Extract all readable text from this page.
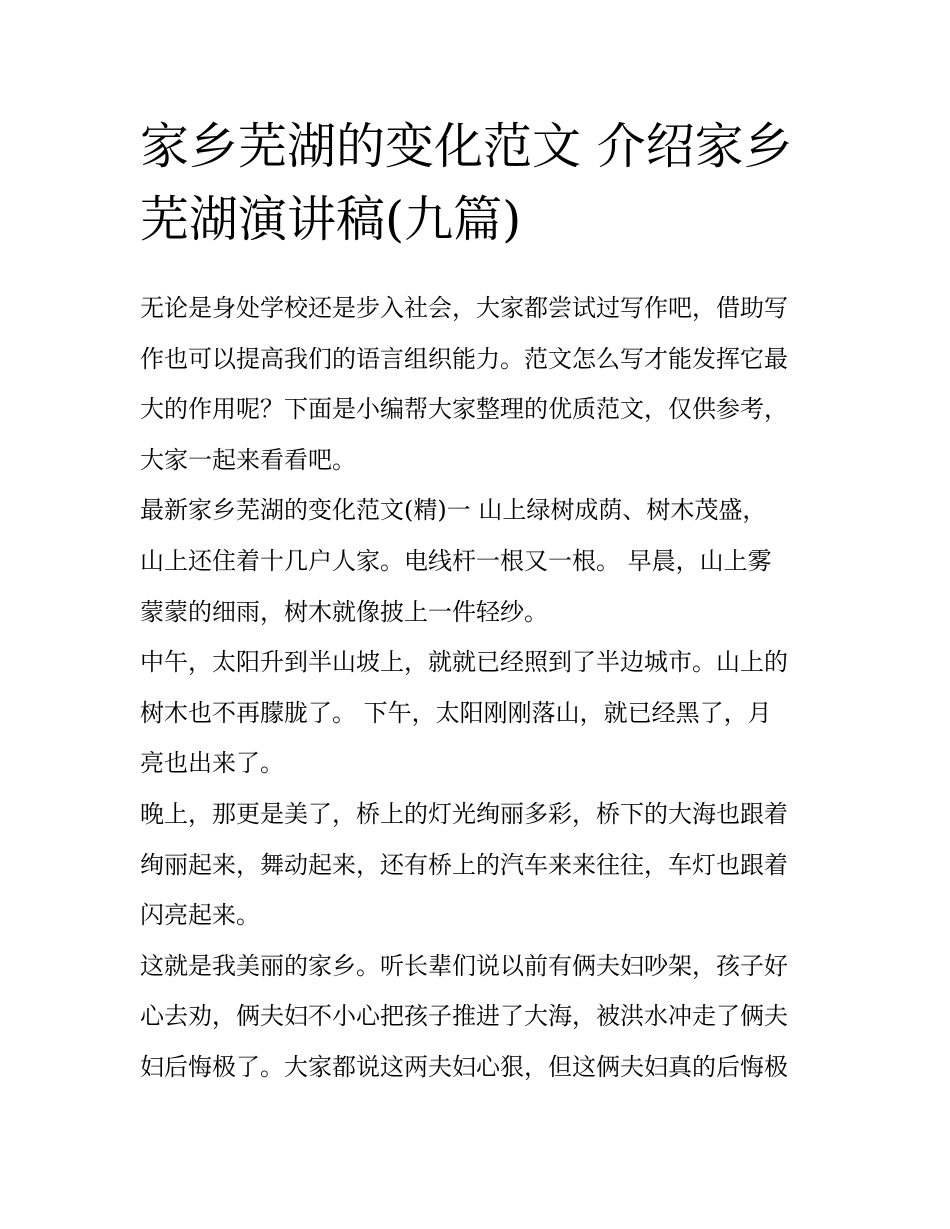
家乡芜湖的变化范文 介绍家乡
芜湖演讲稿(九篇)
无论是身处学校还是步入社会，大家都尝试过写作吧，借助写
作也可以提高我们的语言组织能力。范文怎么写才能发挥它最
大的作用呢？下面是小编帮大家整理的优质范文，仅供参考，
大家一起来看看吧。
最新家乡芜湖的变化范文(精)一 山上绿树成荫、树木茂盛，
山上还住着十几户人家。电线杆一根又一根。 早晨，山上雾
蒙蒙的细雨，树木就像披上一件轻纱。
中午，太阳升到半山坡上，就就已经照到了半边城市。山上的
树木也不再朦胧了。 下午，太阳刚刚落山，就已经黑了，月
亮也出来了。
晚上，那更是美了，桥上的灯光绚丽多彩，桥下的大海也跟着
绚丽起来，舞动起来，还有桥上的汽车来来往往，车灯也跟着
闪亮起来。
这就是我美丽的家乡。听长辈们说以前有俩夫妇吵架，孩子好
心去劝，俩夫妇不小心把孩子推进了大海，被洪水冲走了俩夫
妇后悔极了。大家都说这两夫妇心狠，但这俩夫妇真的后悔极
